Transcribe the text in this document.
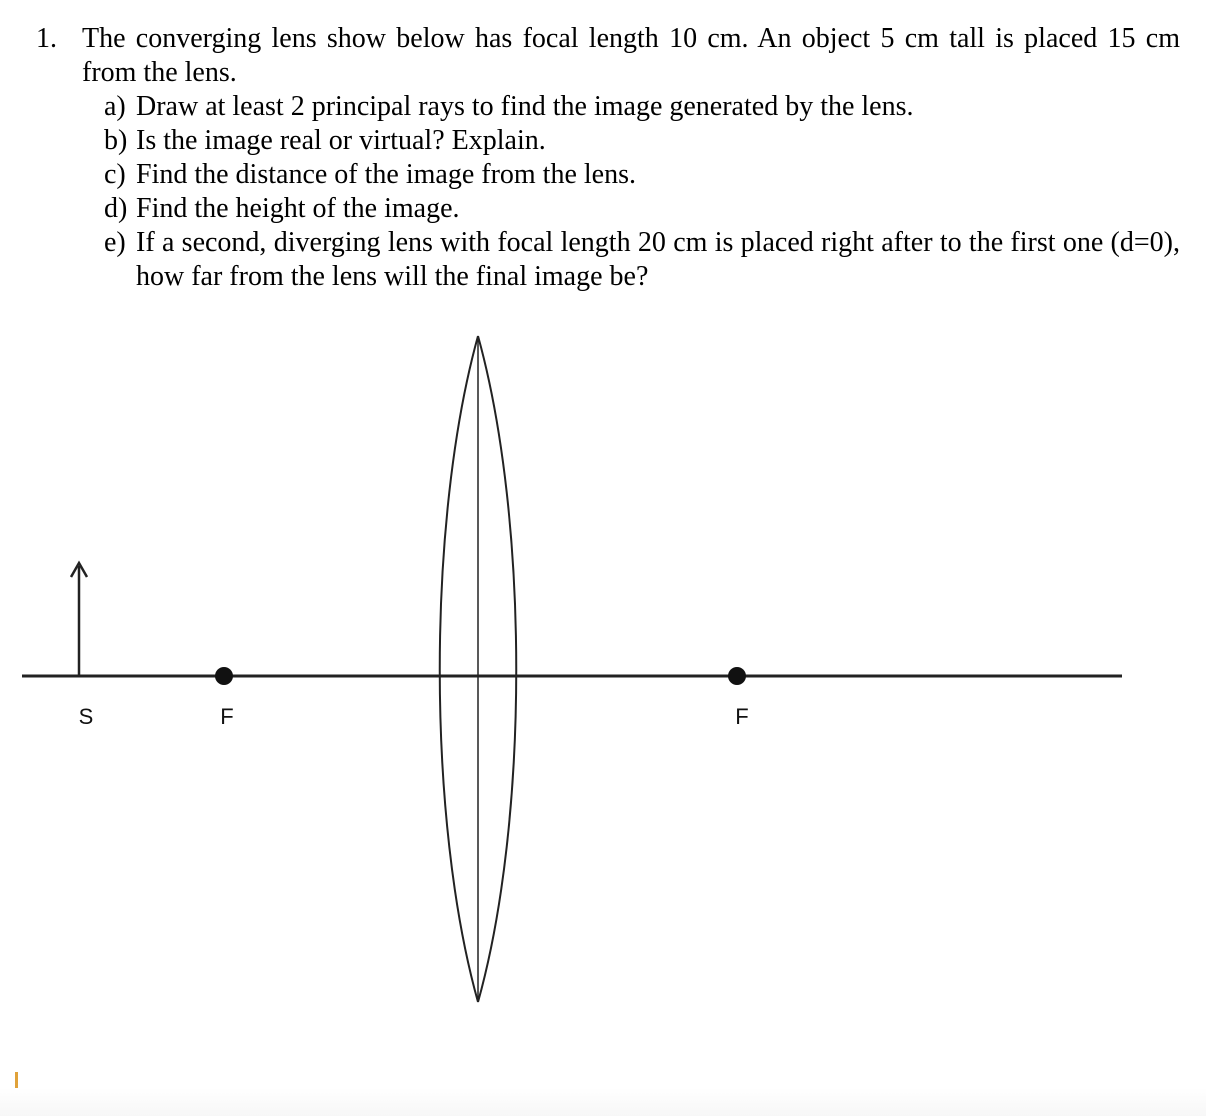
1. The converging lens show below has focal length 10 cm. An object 5 cm tall is placed 15 cm from the lens.
a) Draw at least 2 principal rays to find the image generated by the lens.
b) Is the image real or virtual? Explain.
c) Find the distance of the image from the lens.
d) Find the height of the image.
e) If a second, diverging lens with focal length 20 cm is placed right after to the first one (d=0), how far from the lens will the final image be?
S	F	F
